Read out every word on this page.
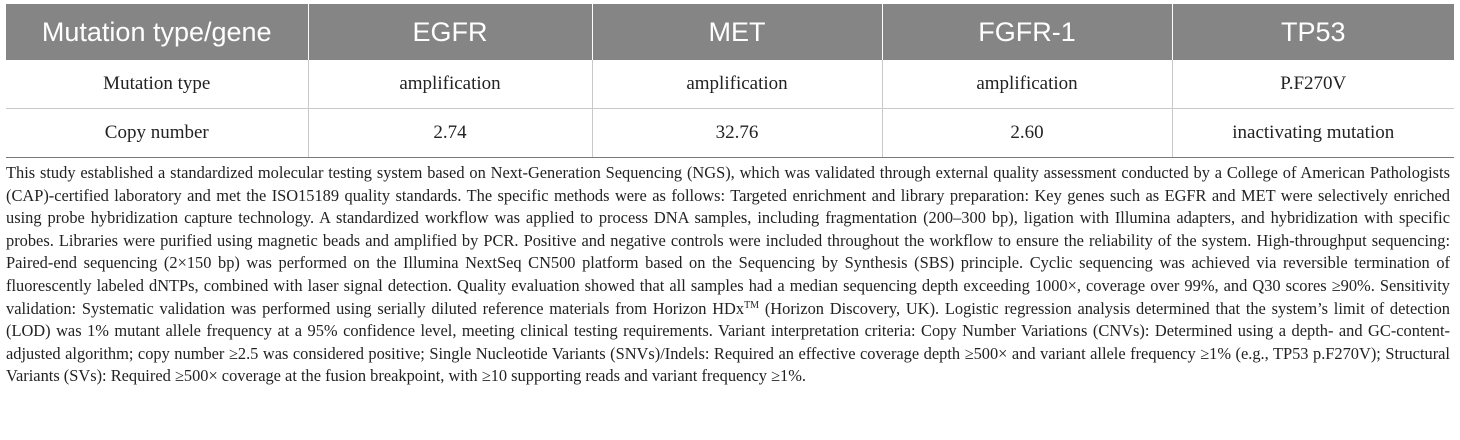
Mutation type/gene	EGFR	MET	FGFR-1	TP53
Mutation type	amplification	amplification	amplification	P.F270V
Copy number	2.74	32.76	2.60	inactivating mutation

This study established a standardized molecular testing system based on Next-Generation Sequencing (NGS), which was validated through external quality assessment conducted by a College of American Pathologists (CAP)-certified laboratory and met the ISO15189 quality standards. The specific methods were as follows: Targeted enrichment and library preparation: Key genes such as EGFR and MET were selectively enriched using probe hybridization capture technology. A standardized workflow was applied to process DNA samples, including fragmentation (200–300 bp), ligation with Illumina adapters, and hybridization with specific probes. Libraries were purified using magnetic beads and amplified by PCR. Positive and negative controls were included throughout the workflow to ensure the reliability of the system. High-throughput sequencing: Paired-end sequencing (2×150 bp) was performed on the Illumina NextSeq CN500 platform based on the Sequencing by Synthesis (SBS) principle. Cyclic sequencing was achieved via reversible termination of fluorescently labeled dNTPs, combined with laser signal detection. Quality evaluation showed that all samples had a median sequencing depth exceeding 1000×, coverage over 99%, and Q30 scores ≥90%. Sensitivity validation: Systematic validation was performed using serially diluted reference materials from Horizon HDx™ (Horizon Discovery, UK). Logistic regression analysis determined that the system’s limit of detection (LOD) was 1% mutant allele frequency at a 95% confidence level, meeting clinical testing requirements. Variant interpretation criteria: Copy Number Variations (CNVs): Determined using a depth- and GC-content-adjusted algorithm; copy number ≥2.5 was considered positive; Single Nucleotide Variants (SNVs)/Indels: Required an effective coverage depth ≥500× and variant allele frequency ≥1% (e.g., TP53 p.F270V); Structural Variants (SVs): Required ≥500× coverage at the fusion breakpoint, with ≥10 supporting reads and variant frequency ≥1%.
